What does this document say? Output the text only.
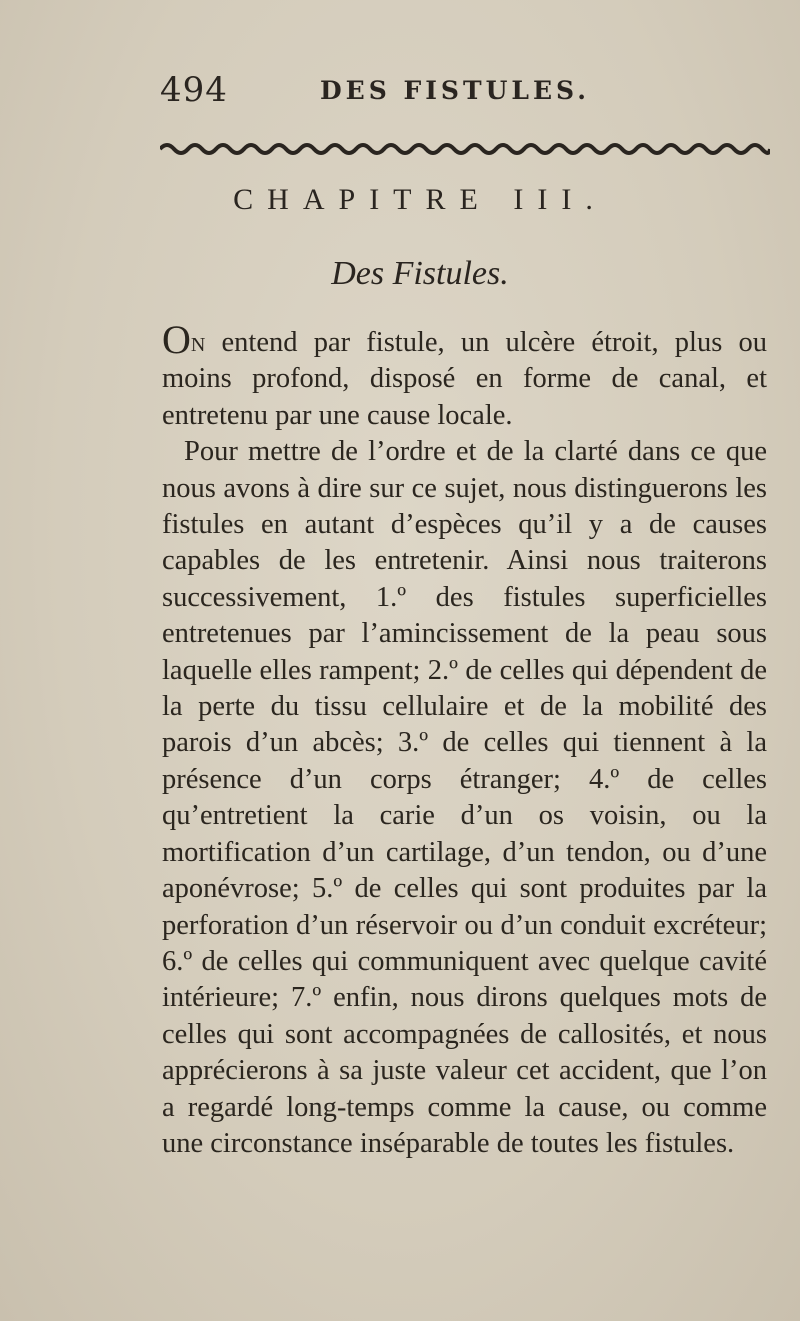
494	DES FISTULES.
CHAPITRE III.
Des Fistules.

On entend par fistule, un ulcère étroit, plus ou moins profond, disposé en forme de canal, et entretenu par une cause locale.

Pour mettre de l’ordre et de la clarté dans ce que nous avons à dire sur ce sujet, nous distinguerons les fistules en autant d’espèces qu’il y a de causes capables de les entretenir. Ainsi nous traiterons successivement, 1.º des fistules superficielles entretenues par l’amincissement de la peau sous laquelle elles rampent; 2.º de celles qui dépendent de la perte du tissu cellulaire et de la mobilité des parois d’un abcès; 3.º de celles qui tiennent à la présence d’un corps étranger; 4.º de celles qu’entretient la carie d’un os voisin, ou la mortification d’un cartilage, d’un tendon, ou d’une aponévrose; 5.º de celles qui sont produites par la perforation d’un réservoir ou d’un conduit excréteur; 6.º de celles qui communiquent avec quelque cavité intérieure; 7.º enfin, nous dirons quelques mots de celles qui sont accompagnées de callosités, et nous apprécierons à sa juste valeur cet accident, que l’on a regardé long-temps comme la cause, ou comme une circonstance inséparable de toutes les fistules.
